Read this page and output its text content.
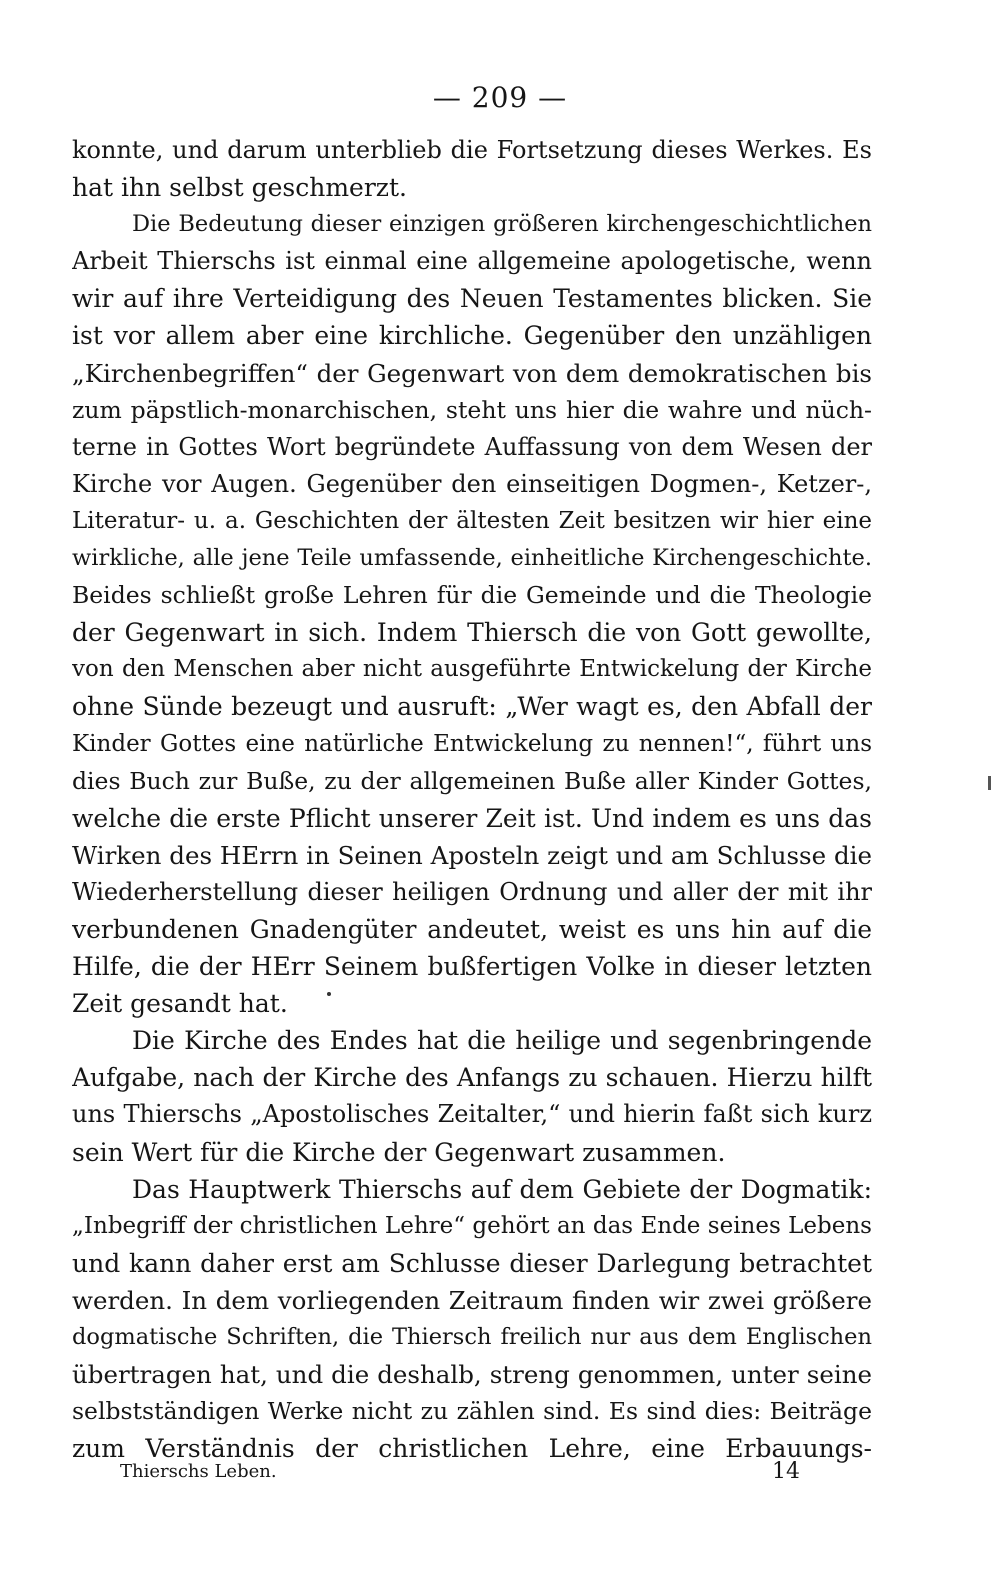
— 209 —
konnte, und darum unterblieb die Fortsetzung dieses Werkes. Es
hat ihn selbst geschmerzt.
Die Bedeutung dieser einzigen größeren kirchengeschichtlichen
Arbeit Thierschs ist einmal eine allgemeine apologetische, wenn
wir auf ihre Verteidigung des Neuen Testamentes blicken. Sie
ist vor allem aber eine kirchliche. Gegenüber den unzähligen
„Kirchenbegriffen“ der Gegenwart von dem demokratischen bis
zum päpstlich-monarchischen, steht uns hier die wahre und nüch-
terne in Gottes Wort begründete Auffassung von dem Wesen der
Kirche vor Augen. Gegenüber den einseitigen Dogmen-, Ketzer-,
Literatur- u. a. Geschichten der ältesten Zeit besitzen wir hier eine
wirkliche, alle jene Teile umfassende, einheitliche Kirchengeschichte.
Beides schließt große Lehren für die Gemeinde und die Theologie
der Gegenwart in sich. Indem Thiersch die von Gott gewollte,
von den Menschen aber nicht ausgeführte Entwickelung der Kirche
ohne Sünde bezeugt und ausruft: „Wer wagt es, den Abfall der
Kinder Gottes eine natürliche Entwickelung zu nennen!“, führt uns
dies Buch zur Buße, zu der allgemeinen Buße aller Kinder Gottes,
welche die erste Pflicht unserer Zeit ist. Und indem es uns das
Wirken des HErrn in Seinen Aposteln zeigt und am Schlusse die
Wiederherstellung dieser heiligen Ordnung und aller der mit ihr
verbundenen Gnadengüter andeutet, weist es uns hin auf die
Hilfe, die der HErr Seinem bußfertigen Volke in dieser letzten
Zeit gesandt hat.
Die Kirche des Endes hat die heilige und segenbringende
Aufgabe, nach der Kirche des Anfangs zu schauen. Hierzu hilft
uns Thierschs „Apostolisches Zeitalter,“ und hierin faßt sich kurz
sein Wert für die Kirche der Gegenwart zusammen.
Das Hauptwerk Thierschs auf dem Gebiete der Dogmatik:
„Inbegriff der christlichen Lehre“ gehört an das Ende seines Lebens
und kann daher erst am Schlusse dieser Darlegung betrachtet
werden. In dem vorliegenden Zeitraum finden wir zwei größere
dogmatische Schriften, die Thiersch freilich nur aus dem Englischen
übertragen hat, und die deshalb, streng genommen, unter seine
selbstständigen Werke nicht zu zählen sind. Es sind dies: Beiträge
zum Verständnis der christlichen Lehre, eine Erbauungs-
Thierschs Leben.	14
